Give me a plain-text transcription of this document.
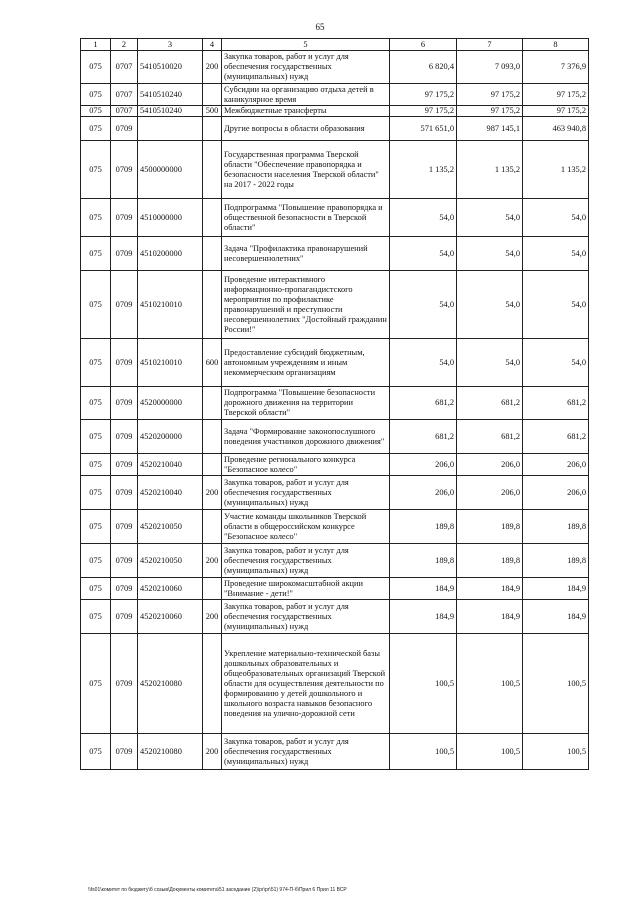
65
1	2	3	4	5	6	7	8
075	0707	5410510020	200	Закупка товаров, работ и услуг для обеспечения государственных (муниципальных) нужд	6 820,4	7 093,0	7 376,9
075	0707	5410510240		Субсидии на организацию отдыха детей в каникулярное время	97 175,2	97 175,2	97 175,2
075	0707	5410510240	500	Межбюджетные трансферты	97 175,2	97 175,2	97 175,2
075	0709			Другие вопросы в области образования	571 651,0	987 145,1	463 940,8
075	0709	4500000000		Государственная программа Тверской области "Обеспечение правопорядка и безопасности населения Тверской области" на 2017 - 2022 годы	1 135,2	1 135,2	1 135,2
075	0709	4510000000		Подпрограмма "Повышение правопорядка и общественной безопасности в Тверской области"	54,0	54,0	54,0
075	0709	4510200000		Задача "Профилактика правонарушений несовершеннолетних"	54,0	54,0	54,0
075	0709	4510210010		Проведение интерактивного информационно-пропагандистского мероприятия по профилактике правонарушений и преступности несовершеннолетних "Достойный гражданин России!"	54,0	54,0	54,0
075	0709	4510210010	600	Предоставление субсидий бюджетным, автономным учреждениям и иным некоммерческим организациям	54,0	54,0	54,0
075	0709	4520000000		Подпрограмма "Повышение безопасности дорожного движения на территории Тверской области"	681,2	681,2	681,2
075	0709	4520200000		Задача "Формирование законопослушного поведения участников дорожного движения"	681,2	681,2	681,2
075	0709	4520210040		Проведение регионального конкурса "Безопасное колесо"	206,0	206,0	206,0
075	0709	4520210040	200	Закупка товаров, работ и услуг для обеспечения государственных (муниципальных) нужд	206,0	206,0	206,0
075	0709	4520210050		Участие команды школьников Тверской области в общероссийском конкурсе "Безопасное колесо"	189,8	189,8	189,8
075	0709	4520210050	200	Закупка товаров, работ и услуг для обеспечения государственных (муниципальных) нужд	189,8	189,8	189,8
075	0709	4520210060		Проведение широкомасштабной акции "Внимание - дети!"	184,9	184,9	184,9
075	0709	4520210060	200	Закупка товаров, работ и услуг для обеспечения государственных (муниципальных) нужд	184,9	184,9	184,9
075	0709	4520210080		Укрепление материально-технической базы дошкольных образовательных и общеобразовательных организаций Тверской области для осуществления деятельности по формированию у детей дошкольного и школьного возраста навыков безопасного поведения на улично-дорожной сети	100,5	100,5	100,5
075	0709	4520210080	200	Закупка товаров, работ и услуг для обеспечения государственных (муниципальных) нужд	100,5	100,5	100,5
\\fs01\комитет по бюджету\б созыв\Документы комитета\51 заседание (2)\pr\pr\51) 974-П-б\Прил 6 Прил 11 ВСР
